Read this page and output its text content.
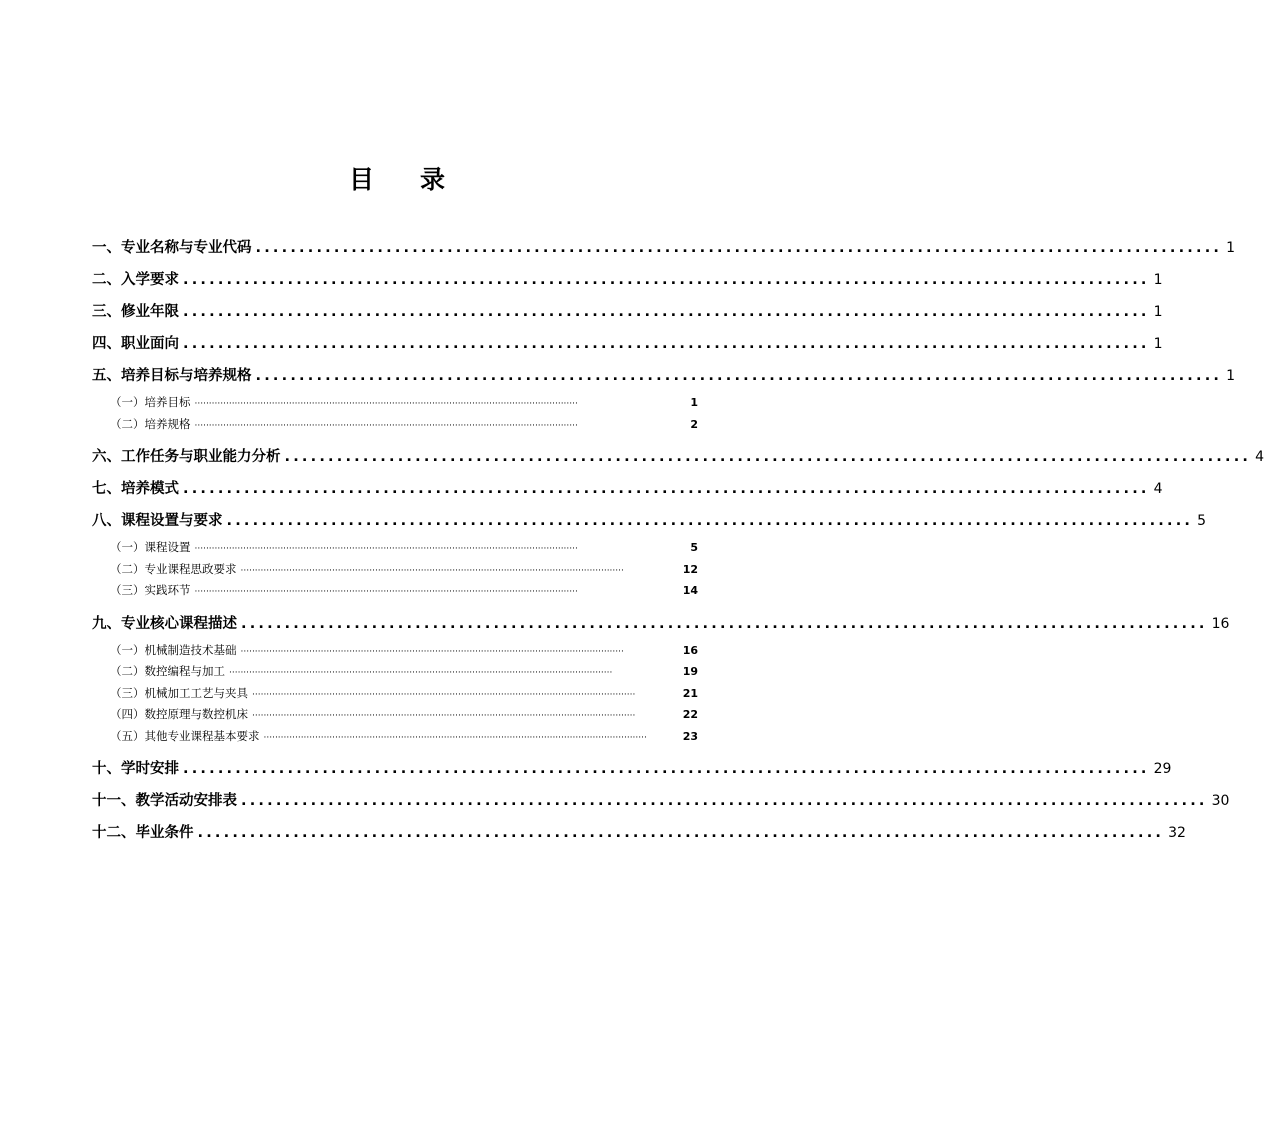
目 录
一、专业名称与专业代码 ............................................................................................................... 1
二、入学要求 ............................................................................................................... 1
三、修业年限 ............................................................................................................... 1
四、职业面向 ............................................................................................................... 1
五、培养目标与培养规格 ............................................................................................................... 1
（一）培养目标 ······································································································································	1
（二）培养规格 ······································································································································	2
六、工作任务与职业能力分析 ............................................................................................................... 4
七、培养模式 ............................................................................................................... 4
八、课程设置与要求 ............................................................................................................... 5
（一）课程设置 ······································································································································	5
（二）专业课程思政要求 ······································································································································	12
（三）实践环节 ······································································································································	14
九、专业核心课程描述 ............................................................................................................... 16
（一）机械制造技术基础 ······································································································································	16
（二）数控编程与加工 ······································································································································	19
（三）机械加工工艺与夹具 ······································································································································	21
（四）数控原理与数控机床 ······································································································································	22
（五）其他专业课程基本要求 ······································································································································	23
十、学时安排 ............................................................................................................... 29
十一、教学活动安排表 ............................................................................................................... 30
十二、毕业条件 ............................................................................................................... 32
